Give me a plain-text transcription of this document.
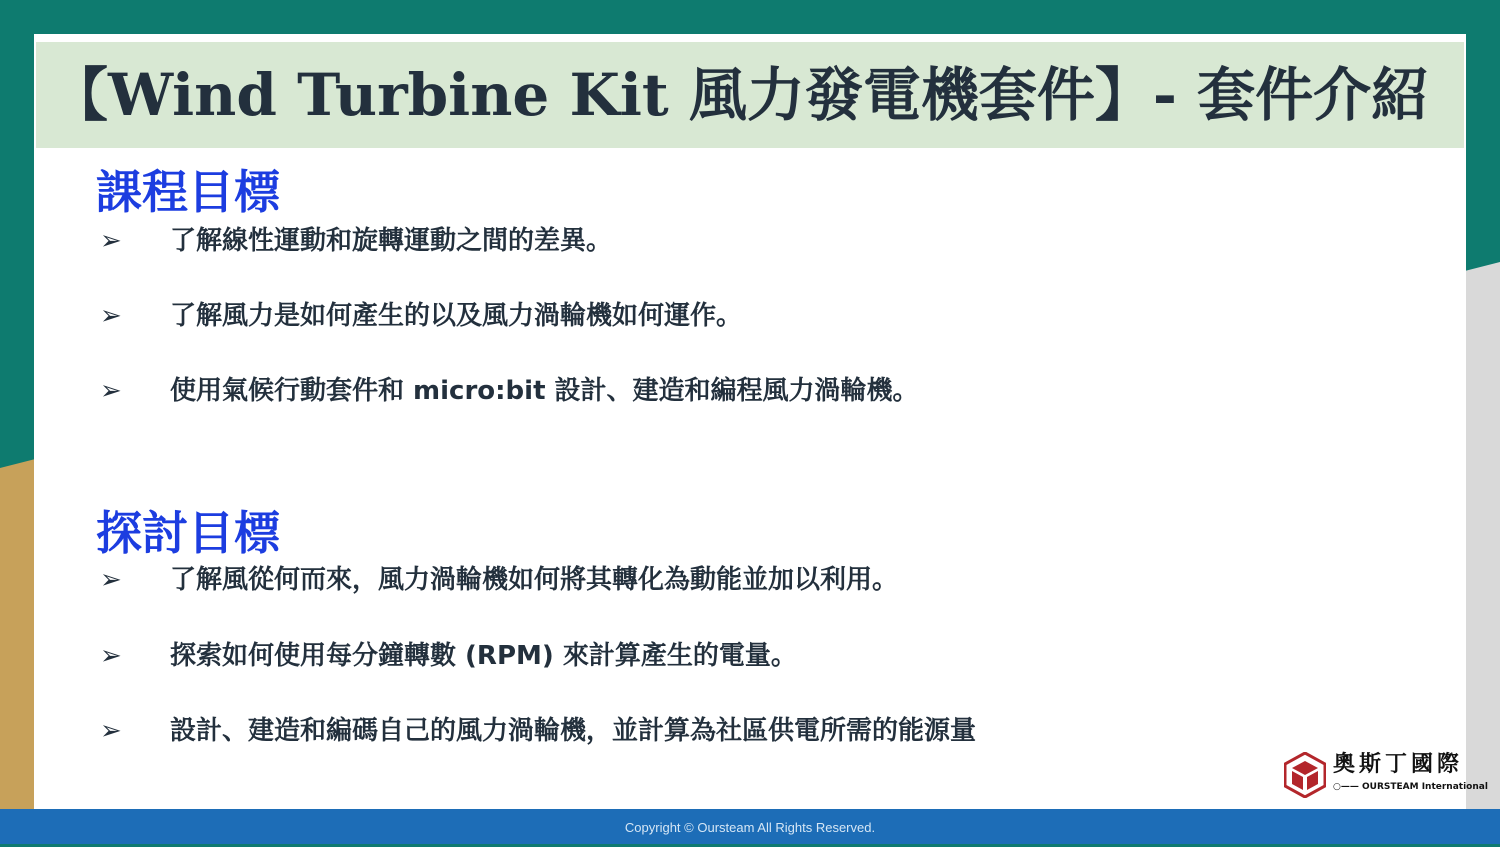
【Wind Turbine Kit 風力發電機套件】- 套件介紹
課程目標
➢ 了解線性運動和旋轉運動之間的差異。
➢ 了解風力是如何產生的以及風力渦輪機如何運作。
➢ 使用氣候行動套件和 micro:bit 設計、建造和編程風力渦輪機。
探討目標
➢ 了解風從何而來，風力渦輪機如何將其轉化為動能並加以利用。
➢ 探索如何使用每分鐘轉數 (RPM) 來計算產生的電量。
➢ 設計、建造和編碼自己的風力渦輪機，並計算為社區供電所需的能源量
奧斯丁國際
○—— OURSTEAM International
Copyright © Oursteam All Rights Reserved.
